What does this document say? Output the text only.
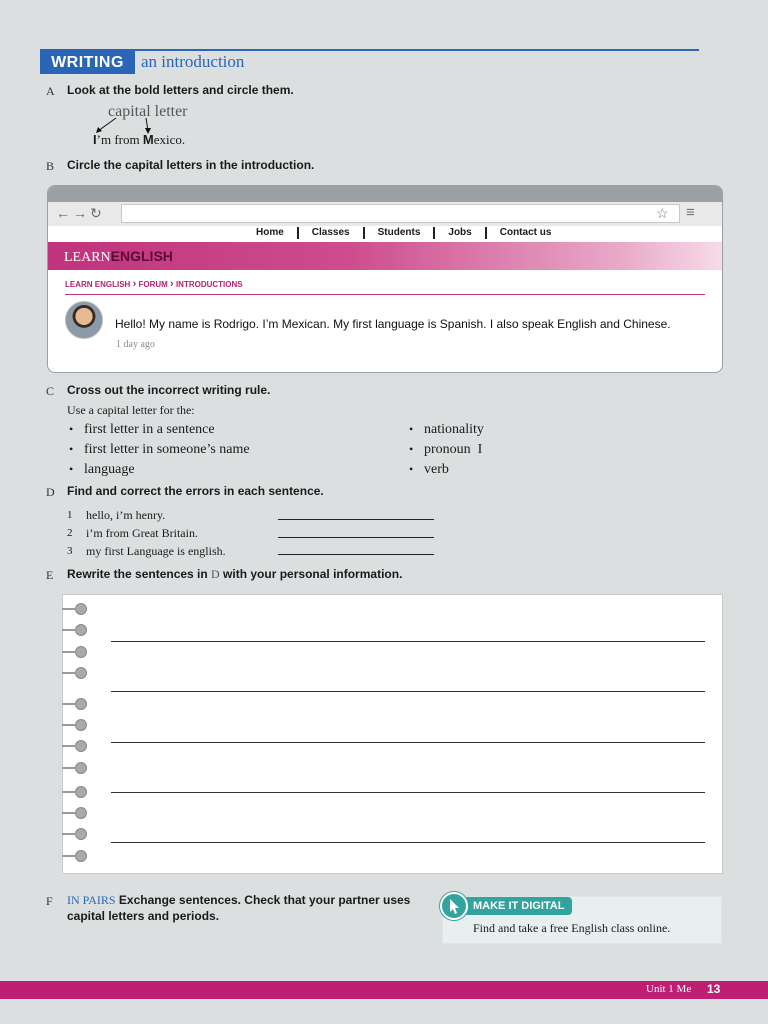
WRITING	an introduction
A Look at the bold letters and circle them.
capital letter
I’m from Mexico.
B Circle the capital letters in the introduction.
←→↻	☆ ≡
Home	Classes	Students	Jobs	Contact us
LEARNENGLISH
LEARN ENGLISH › FORUM › INTRODUCTIONS
Hello! My name is Rodrigo. I’m Mexican. My first language is Spanish. I also speak English and Chinese.
1 day ago
C Cross out the incorrect writing rule.
Use a capital letter for the:
• first letter in a sentence
• first letter in someone’s name
• language
• nationality
• pronoun  I
• verb
D Find and correct the errors in each sentence.
1 hello, i’m henry.
2 i’m from Great Britain.
3 my first Language is english.
E Rewrite the sentences in D with your personal information.
F IN PAIRS Exchange sentences. Check that your partner uses
capital letters and periods.
MAKE IT DIGITAL
Find and take a free English class online.
Unit 1 Me 13
